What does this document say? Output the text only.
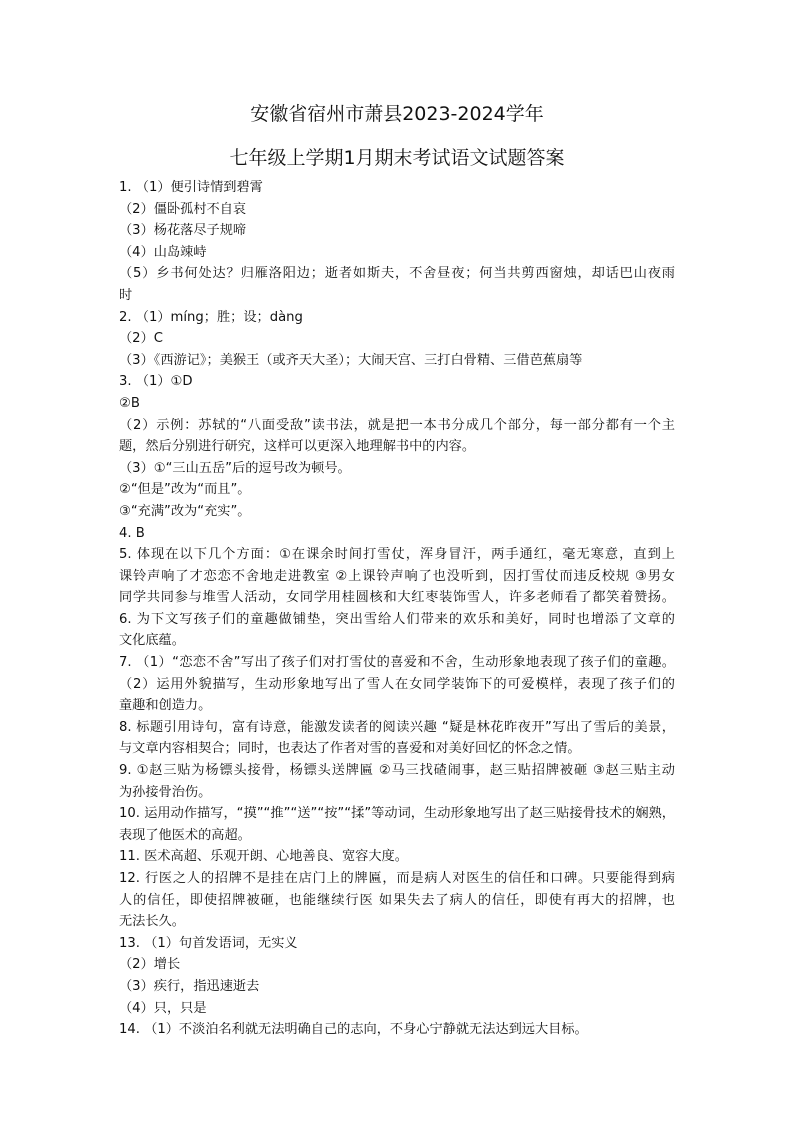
安徽省宿州市萧县2023-2024学年
七年级上学期1月期末考试语文试题答案
1. （1）便引诗情到碧霄
（2）僵卧孤村不自哀
（3）杨花落尽子规啼
（4）山岛竦峙
（5）乡书何处达？归雁洛阳边；逝者如斯夫，不舍昼夜；何当共剪西窗烛，却话巴山夜雨
时
2. （1）míng；胜；设；dàng
（2）C
（3）《西游记》；美猴王（或齐天大圣）；大闹天宫、三打白骨精、三借芭蕉扇等
3. （1）①D
②B
（2）示例：苏轼的“八面受敌”读书法，就是把一本书分成几个部分，每一部分都有一个主
题，然后分别进行研究，这样可以更深入地理解书中的内容。
（3）①“三山五岳”后的逗号改为顿号。
②“但是”改为“而且”。
③“充满”改为“充实”。
4. B
5. 体现在以下几个方面：①在课余时间打雪仗，浑身冒汗，两手通红，毫无寒意，直到上
课铃声响了才恋恋不舍地走进教室 ②上课铃声响了也没听到，因打雪仗而违反校规 ③男女
同学共同参与堆雪人活动，女同学用桂圆核和大红枣装饰雪人，许多老师看了都笑着赞扬。
6. 为下文写孩子们的童趣做铺垫，突出雪给人们带来的欢乐和美好，同时也增添了文章的
文化底蕴。
7. （1）“恋恋不舍”写出了孩子们对打雪仗的喜爱和不舍，生动形象地表现了孩子们的童趣。
（2）运用外貌描写，生动形象地写出了雪人在女同学装饰下的可爱模样，表现了孩子们的
童趣和创造力。
8. 标题引用诗句，富有诗意，能激发读者的阅读兴趣 “疑是林花昨夜开”写出了雪后的美景，
与文章内容相契合；同时，也表达了作者对雪的喜爱和对美好回忆的怀念之情。
9. ①赵三贴为杨镖头接骨，杨镖头送牌匾 ②马三找碴闹事，赵三贴招牌被砸 ③赵三贴主动
为孙接骨治伤。
10. 运用动作描写，“摸”“推”“送”“按”“揉”等动词，生动形象地写出了赵三贴接骨技术的娴熟，
表现了他医术的高超。
11. 医术高超、乐观开朗、心地善良、宽容大度。
12. 行医之人的招牌不是挂在店门上的牌匾，而是病人对医生的信任和口碑。只要能得到病
人的信任，即使招牌被砸，也能继续行医 如果失去了病人的信任，即使有再大的招牌，也
无法长久。
13. （1）句首发语词，无实义
（2）增长
（3）疾行，指迅速逝去
（4）只，只是
14. （1）不淡泊名利就无法明确自己的志向，不身心宁静就无法达到远大目标。
